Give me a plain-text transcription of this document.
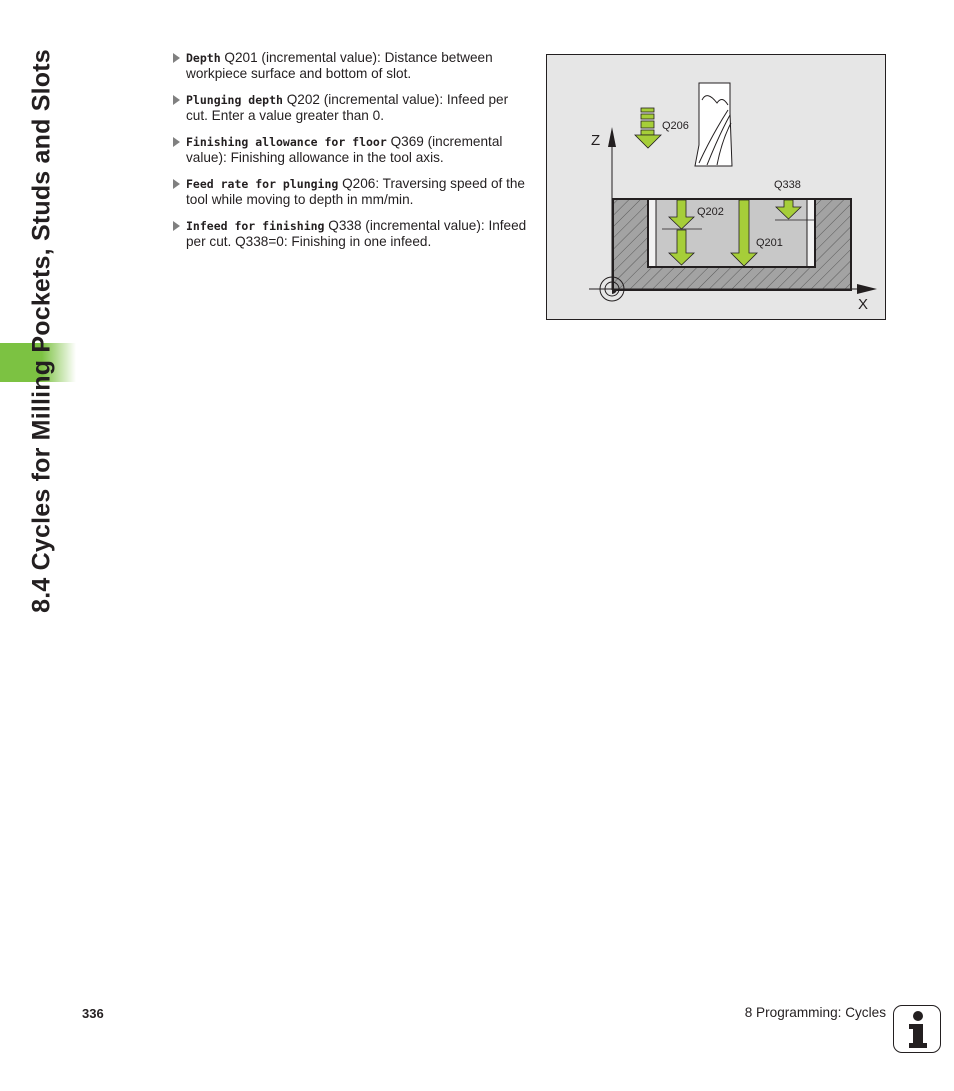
8.4 Cycles for Milling Pockets, Studs and Slots	Depth Q201 (incremental value): Distance between workpiece surface and bottom of slot.
Plunging depth Q202 (incremental value): Infeed per cut. Enter a value greater than 0.
Finishing allowance for floor Q369 (incremental value): Finishing allowance in the tool axis.
Feed rate for plunging Q206: Traversing speed of the tool while moving to depth in mm/min.
Infeed for finishing Q338 (incremental value): Infeed per cut. Q338=0: Finishing in one infeed.
Q206
Z
Q338
Q202
Q201
X
336	8 Programming: Cycles
